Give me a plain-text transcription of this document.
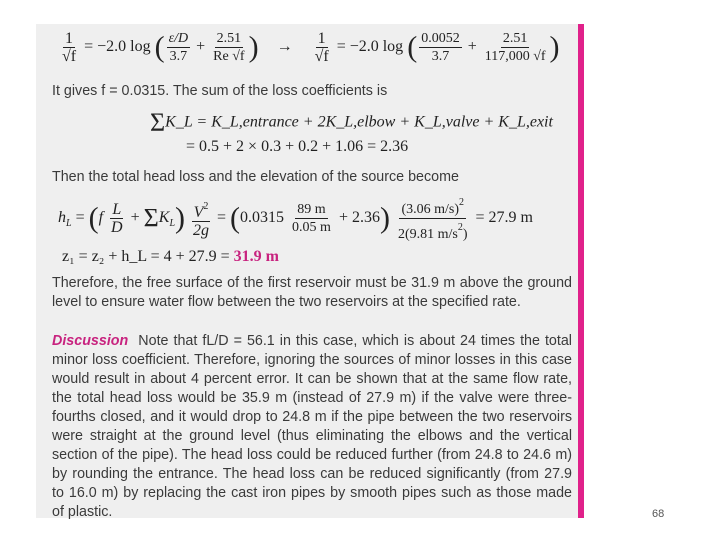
$\frac{1}{√f} = -2.0$ log ( $\frac{\varepsilon/D}{3.7} + \frac{2.51}{Re √f}$ ) → $\frac{1}{√f} = -2.0$ log ( $\frac{0.0052}{3.7} + \frac{2.51}{117,000 √f}$ )
It gives f = 0.0315. The sum of the loss coefficients is
ΣK_L = K_L,entrance + 2K_L,elbow + K_L,valve + K_L,exit
= 0.5 + 2 × 0.3 + 0.2 + 1.06 = 2.36
Then the total head loss and the elevation of the source become
$h_L = (f \frac{L}{D} + \Sigma K_L) \frac{V^2}{2g} = (0.0315 \frac{89 m}{0.05 m} + 2.36) \frac{(3.06 m/s)^2}{2(9.81 m/s^2)} = 27.9$ m
z₁ = z₂ + h_L = 4 + 27.9 = 31.9 m

Therefore, the free surface of the first reservoir must be 31.9 m above the ground level to ensure water flow between the two reservoirs at the specified rate.

Discussion Note that fL/D = 56.1 in this case, which is about 24 times the total minor loss coefficient. Therefore, ignoring the sources of minor losses in this case would result in about 4 percent error. It can be shown that at the same flow rate, the total head loss would be 35.9 m (instead of 27.9 m) if the valve were three-fourths closed, and it would drop to 24.8 m if the pipe between the two reservoirs were straight at the ground level (thus eliminating the elbows and the vertical section of the pipe). The head loss could be reduced further (from 24.8 to 24.6 m) by rounding the entrance. The head loss can be reduced significantly (from 27.9 to 16.0 m) by replacing the cast iron pipes by smooth pipes such as those made of plastic.	68
